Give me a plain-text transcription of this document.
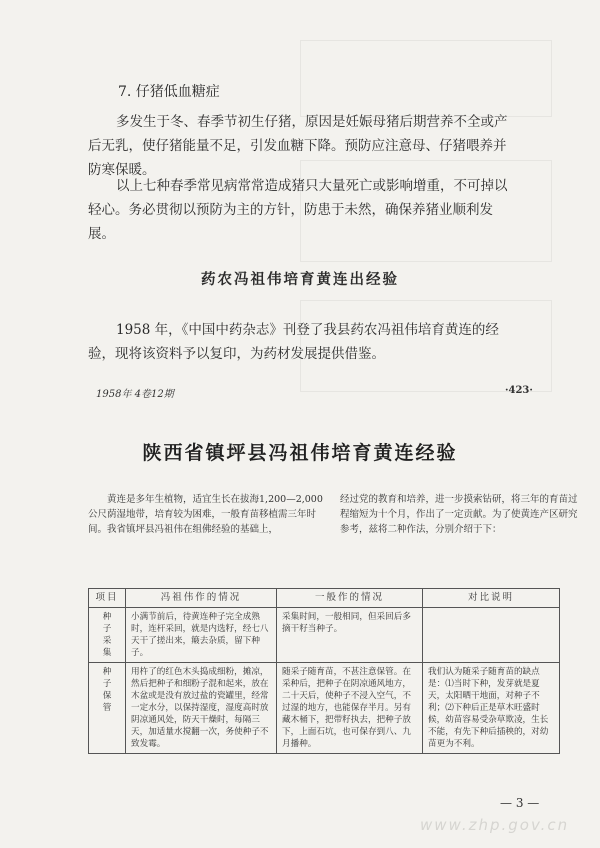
7. 仔猪低血糖症

多发生于冬、春季节初生仔猪，原因是妊娠母猪后期营养不全或产后无乳，使仔猪能量不足，引发血糖下降。预防应注意母、仔猪喂养并防寒保暖。

以上七种春季常见病常常造成猪只大量死亡或影响增重，不可掉以轻心。务必贯彻以预防为主的方针，防患于未然，确保养猪业顺利发展。

药农冯祖伟培育黄连出经验

1958 年，《中国中药杂志》刊登了我县药农冯祖伟培育黄连的经验，现将该资料予以复印，为药材发展提供借鉴。

1958年 4卷12期	·423·
陕西省镇坪县冯祖伟培育黄连经验
黄连是多年生植物，适宜生长在拔海1,200—2,000公尺荫湿地带，培育较为困难，一般育苗移植需三年时间。我省镇坪县冯祖伟在组佛经验的基础上，
经过党的教育和培养，进一步摸索钻研，将三年的育苗过程缩短为十个月，作出了一定贡献。为了使黄连产区研究参考，兹将二种作法，分别介绍于下：
项目	冯祖伟作的情况	一般作的情况	对比说明

种
子
采
集	小满节前后，待黄连种子完全成熟时，连杆采回，就是内选籽，经七八天干了搓出来，簸去杂质，留下种子。	采集时间，一般相同，但采回后多摘干籽当种子。	

种
子
保
管	用杵了的红色木头捣成细粉，摊凉，然后把种子和细粉子混和起来，放在木盆或是没有放过盐的瓷罐里，经常一定水分，以保持湿度，湿度高时放阴凉通风处，防天干燥时，每隔三天，加适量水搅翻一次，务使种子不致发霉。	随采子随育苗，不甚注意保管。在采种后，把种子在阴凉通风地方，二十天后，使种子不浸入空气，不过湿的地方，也能保存半月。另有藏木桶下，把带籽执去，把种子放下，上面石坑，也可保存到八、九月播种。	我们认为随采子随育苗的缺点是：⑴当时下种，发芽就是夏天，太阳晒干地面，对种子不利；⑵下种后正是草木旺盛时候，幼苗容易受杂草欺凌，生长不能，有先下种后插秧的，对幼苗更为不利。
— 3 —
www.zhp.gov.cn
